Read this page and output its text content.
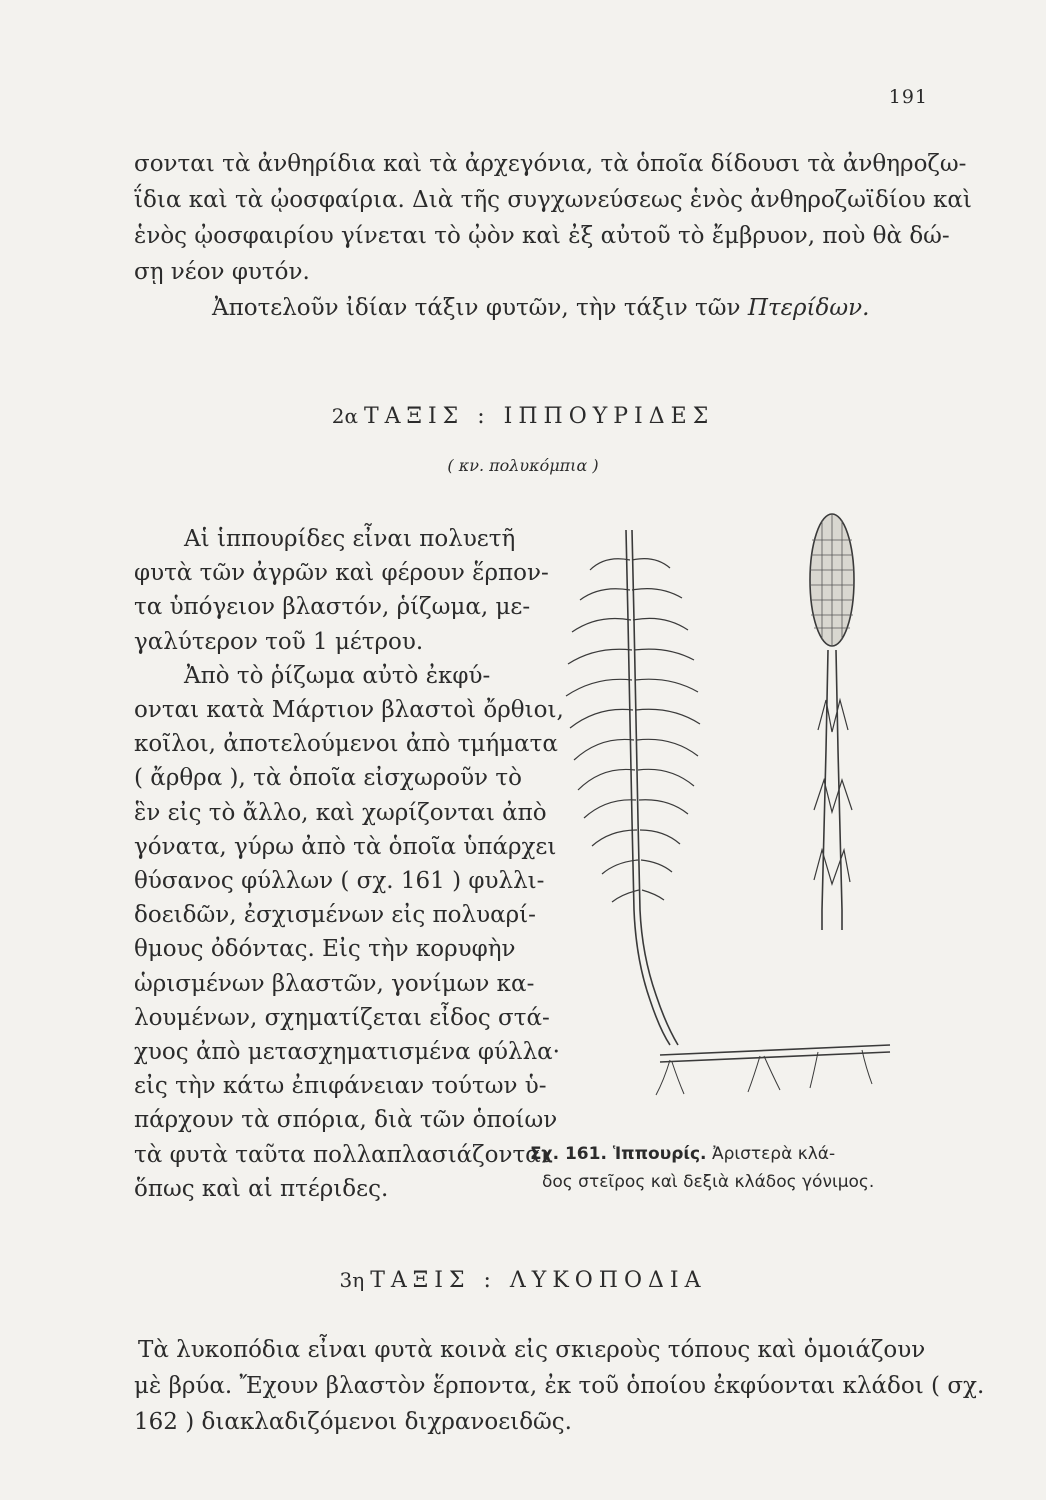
191
σονται τὰ ἀνθηρίδια καὶ τὰ ἀρχεγόνια, τὰ ὁποῖα δίδουσι τὰ ἀνθηροζω-
ΐδια καὶ τὰ ᾠοσφαίρια. Διὰ τῆς συγχωνεύσεως ἑνὸς ἀνθηροζωϊδίου καὶ
ἑνὸς ᾠοσφαιρίου γίνεται τὸ ᾠὸν καὶ ἐξ αὐτοῦ τὸ ἔμβρυον, ποὺ θὰ δώ-
σῃ νέον φυτόν.
Ἀποτελοῦν ἰδίαν τάξιν φυτῶν, τὴν τάξιν τῶν Πτερίδων.
2α ΤΑΞΙΣ : ΙΠΠΟΥΡΙΔΕΣ
( κν. πολυκόμπια )
Αἱ ἱππουρίδες εἶναι πολυετῆ
φυτὰ τῶν ἀγρῶν καὶ φέρουν ἕρπον-
τα ὑπόγειον βλαστόν, ῥίζωμα, με-
γαλύτερον τοῦ 1 μέτρου.
Ἀπὸ τὸ ῥίζωμα αὐτὸ ἐκφύ-
ονται κατὰ Μάρτιον βλαστοὶ ὄρθιοι,
κοῖλοι, ἀποτελούμενοι ἀπὸ τμήματα
( ἄρθρα ), τὰ ὁποῖα εἰσχωροῦν τὸ
ἓν εἰς τὸ ἄλλο, καὶ χωρίζονται ἀπὸ
γόνατα, γύρω ἀπὸ τὰ ὁποῖα ὑπάρχει
θύσανος φύλλων ( σχ. 161 ) φυλλι-
δοειδῶν, ἐσχισμένων εἰς πολυαρί-
θμους ὀδόντας. Εἰς τὴν κορυφὴν
ὡρισμένων βλαστῶν, γονίμων κα-
λουμένων, σχηματίζεται εἶδος στά-
χυος ἀπὸ μετασχηματισμένα φύλλα·
εἰς τὴν κάτω ἐπιφάνειαν τούτων ὑ-
πάρχουν τὰ σπόρια, διὰ τῶν ὁποίων
τὰ φυτὰ ταῦτα πολλαπλασιάζονται
ὅπως καὶ αἱ πτέριδες.
Σχ. 161. Ἱππουρίς. Ἀριστερὰ κλά-
δος στεῖρος καὶ δεξιὰ κλάδος γόνιμος.
3η ΤΑΞΙΣ : ΛΥΚΟΠΟΔΙΑ
Τὰ λυκοπόδια εἶναι φυτὰ κοινὰ εἰς σκιεροὺς τόπους καὶ ὁμοιάζουν
μὲ βρύα. Ἔχουν βλαστὸν ἕρποντα, ἐκ τοῦ ὁποίου ἐκφύονται κλάδοι ( σχ.
162 ) διακλαδιζόμενοι διχρανοειδῶς.
